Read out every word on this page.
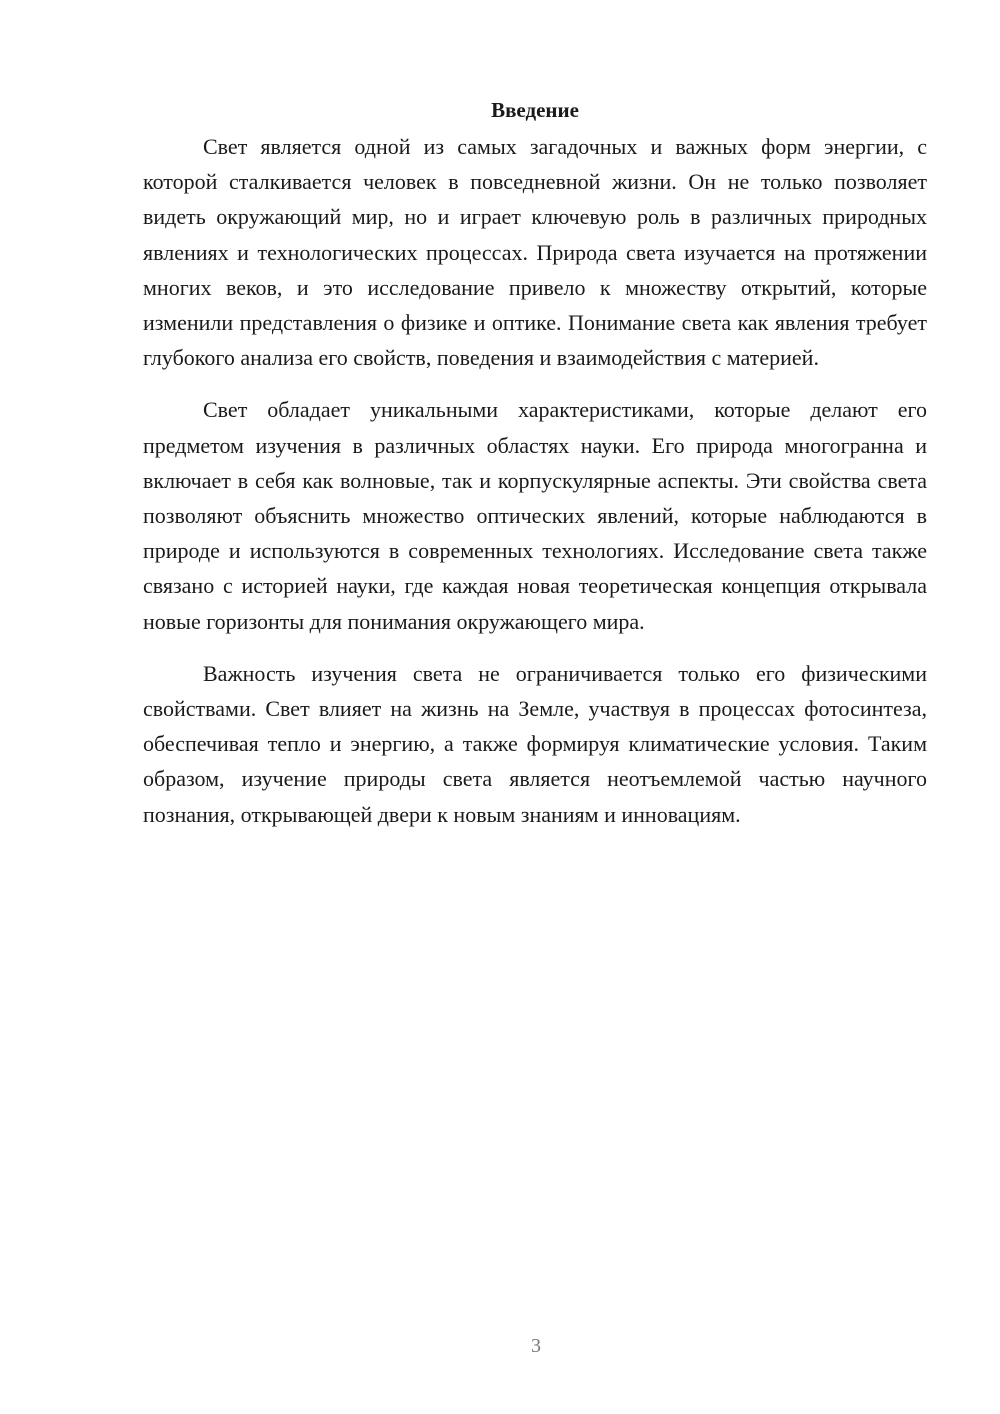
Введение

Свет является одной из самых загадочных и важных форм энергии, с которой сталкивается человек в повседневной жизни. Он не только позволяет видеть окружающий мир, но и играет ключевую роль в различных природных явлениях и технологических процессах. Природа света изучается на протяжении многих веков, и это исследование привело к множеству открытий, которые изменили представления о физике и оптике. Понимание света как явления требует глубокого анализа его свойств, поведения и взаимодействия с материей.

Свет обладает уникальными характеристиками, которые делают его предметом изучения в различных областях науки. Его природа многогранна и включает в себя как волновые, так и корпускулярные аспекты. Эти свойства света позволяют объяснить множество оптических явлений, которые наблюдаются в природе и используются в современных технологиях. Исследование света также связано с историей науки, где каждая новая теоретическая концепция открывала новые горизонты для понимания окружающего мира.

Важность изучения света не ограничивается только его физическими свойствами. Свет влияет на жизнь на Земле, участвуя в процессах фотосинтеза, обеспечивая тепло и энергию, а также формируя климатические условия. Таким образом, изучение природы света является неотъемлемой частью научного познания, открывающей двери к новым знаниям и инновациям.

3
